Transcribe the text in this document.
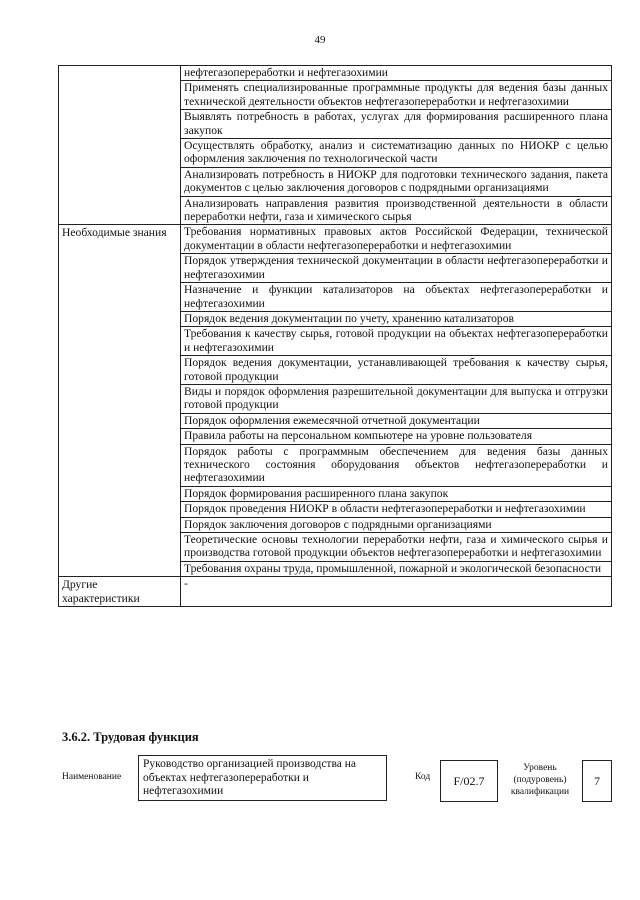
49
	нефтегазопереработки и нефтегазохимии
	Применять специализированные программные продукты для ведения базы данных технической деятельности объектов нефтегазопереработки и нефтегазохимии
	Выявлять потребность в работах, услугах для формирования расширенного плана закупок
	Осуществлять обработку, анализ и систематизацию данных по НИОКР с целью оформления заключения по технологической части
	Анализировать потребность в НИОКР для подготовки технического задания, пакета документов с целью заключения договоров с подрядными организациями
	Анализировать направления развития производственной деятельности в области переработки нефти, газа и химического сырья
Необходимые знания	Требования нормативных правовых актов Российской Федерации, технической документации в области нефтегазопереработки и нефтегазохимии
	Порядок утверждения технической документации в области нефтегазопереработки и нефтегазохимии
	Назначение и функции катализаторов на объектах нефтегазопереработки и нефтегазохимии
	Порядок ведения документации по учету, хранению катализаторов
	Требования к качеству сырья, готовой продукции на объектах нефтегазопереработки и нефтегазохимии
	Порядок ведения документации, устанавливающей требования к качеству сырья, готовой продукции
	Виды и порядок оформления разрешительной документации для выпуска и отгрузки готовой продукции
	Порядок оформления ежемесячной отчетной документации
	Правила работы на персональном компьютере на уровне пользователя
	Порядок работы с программным обеспечением для ведения базы данных технического состояния оборудования объектов нефтегазопереработки и нефтегазохимии
	Порядок формирования расширенного плана закупок
	Порядок проведения НИОКР в области нефтегазопереработки и нефтегазохимии
	Порядок заключения договоров с подрядными организациями
	Теоретические основы технологии переработки нефти, газа и химического сырья и производства готовой продукции объектов нефтегазопереработки и нефтегазохимии
	Требования охраны труда, промышленной, пожарной и экологической безопасности
Другие характеристики	-
3.6.2. Трудовая функция
Наименование
Руководство организацией производства на объектах нефтегазопереработки и нефтегазохимии
Код	F/02.7
Уровень (подуровень) квалификации
7
